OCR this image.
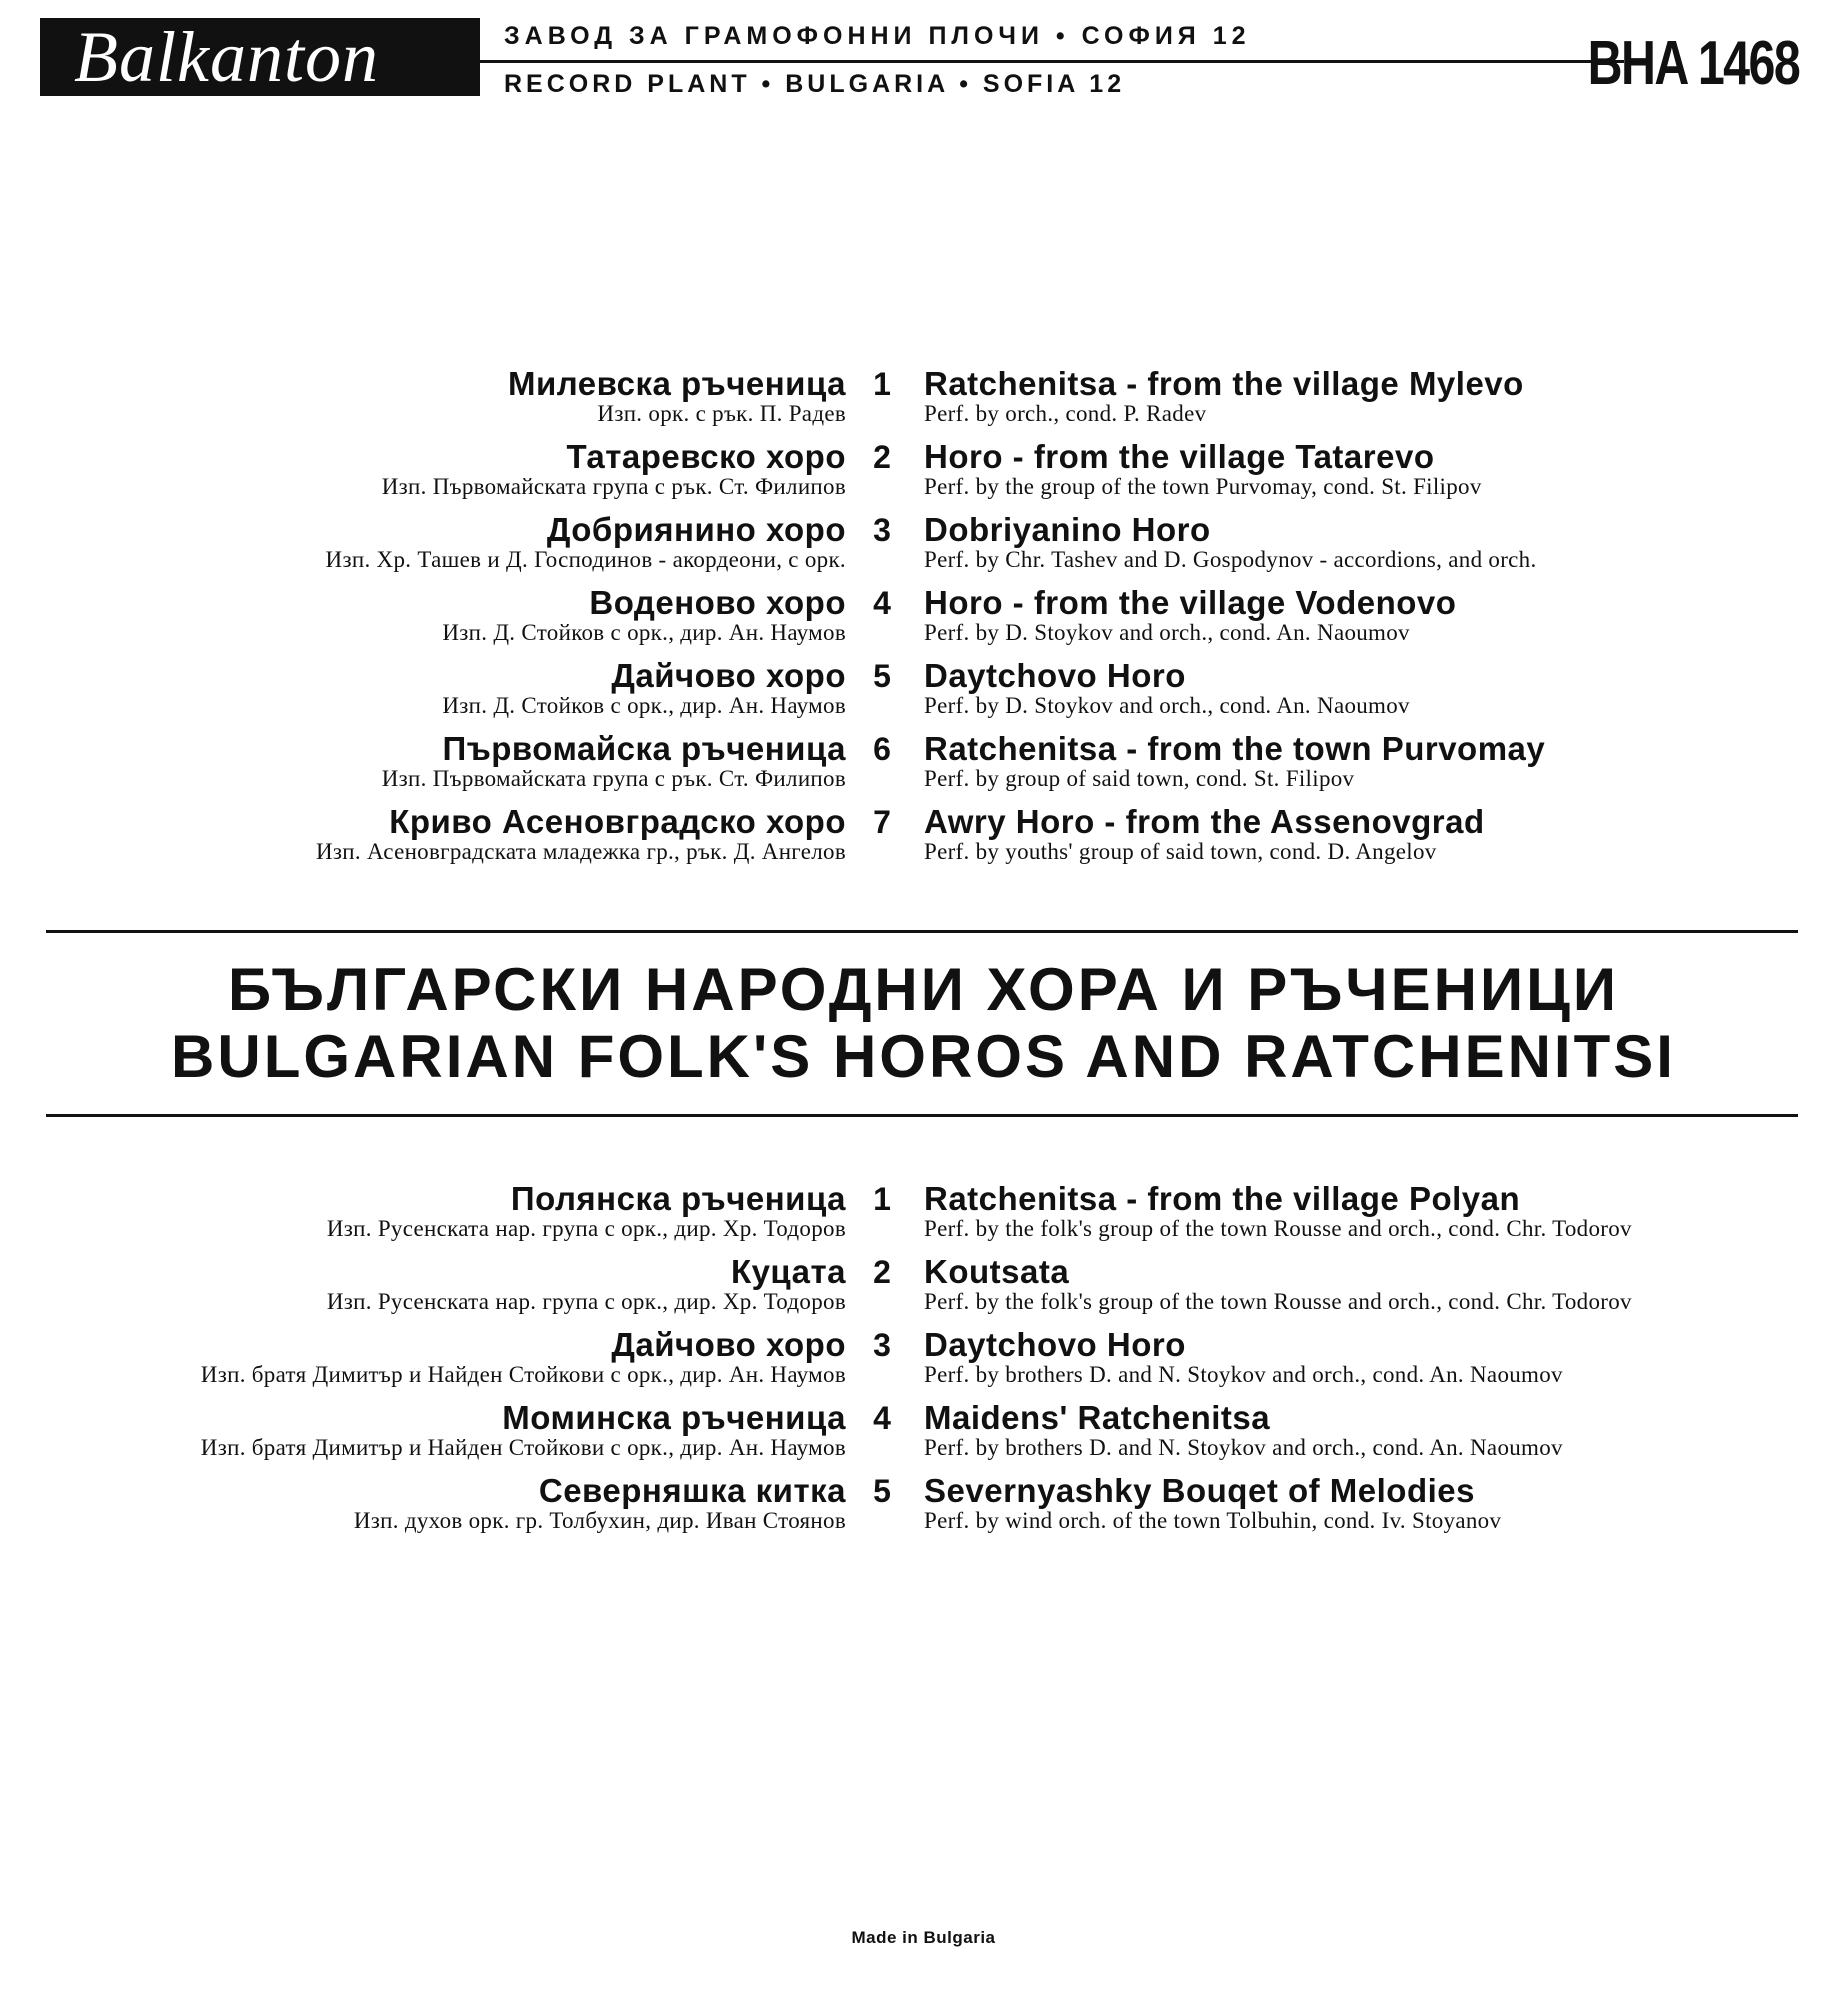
Balkanton	ЗАВОД ЗА ГРАМОФОННИ ПЛОЧИ • СОФИЯ 12
RECORD PLANT • BULGARIA • SOFIA 12	BHA 1468
Милевска ръченица
Изп. орк. с рък. П. Радев
1	Ratchenitsa - from the village Mylevo
Perf. by orch., cond. P. Radev
Татаревско хоро
Изп. Първомайската група с рък. Ст. Филипов
2	Horo - from the village Tatarevo
Perf. by the group of the town Purvomay, cond. St. Filipov
Добриянино хоро
Изп. Хр. Ташев и Д. Господинов - акордеони, с орк.
3	Dobriyanino Horo
Perf. by Chr. Tashev and D. Gospodynov - accordions, and orch.
Воденово хоро
Изп. Д. Стойков с орк., дир. Ан. Наумов
4	Horo - from the village Vodenovo
Perf. by D. Stoykov and orch., cond. An. Naoumov
Дайчово хоро
Изп. Д. Стойков с орк., дир. Ан. Наумов
5	Daytchovo Horo
Perf. by D. Stoykov and orch., cond. An. Naoumov
Първомайска ръченица
Изп. Първомайската група с рък. Ст. Филипов
6	Ratchenitsa - from the town Purvomay
Perf. by group of said town, cond. St. Filipov
Криво Асеновградско хоро
Изп. Асеновградската младежка гр., рък. Д. Ангелов
7	Awry Horo - from the Assenovgrad
Perf. by youths' group of said town, cond. D. Angelov
БЪЛГАРСКИ НАРОДНИ ХОРА И РЪЧЕНИЦИ
BULGARIAN FOLK'S HOROS AND RATCHENITSI
Полянска ръченица
Изп. Русенската нар. група с орк., дир. Хр. Тодоров
1	Ratchenitsa - from the village Polyan
Perf. by the folk's group of the town Rousse and orch., cond. Chr. Todorov
Куцата
Изп. Русенската нар. група с орк., дир. Хр. Тодоров
2	Koutsata
Perf. by the folk's group of the town Rousse and orch., cond. Chr. Todorov
Дайчово хоро
Изп. братя Димитър и Найден Стойкови с орк., дир. Ан. Наумов
3	Daytchovo Horo
Perf. by brothers D. and N. Stoykov and orch., cond. An. Naoumov
Моминска ръченица
Изп. братя Димитър и Найден Стойкови с орк., дир. Ан. Наумов
4	Maidens' Ratchenitsa
Perf. by brothers D. and N. Stoykov and orch., cond. An. Naoumov
Северняшка китка
Изп. духов орк. гр. Толбухин, дир. Иван Стоянов
5	Severnyashky Bouqet of Melodies
Perf. by wind orch. of the town Tolbuhin, cond. Iv. Stoyanov
Made in Bulgaria
